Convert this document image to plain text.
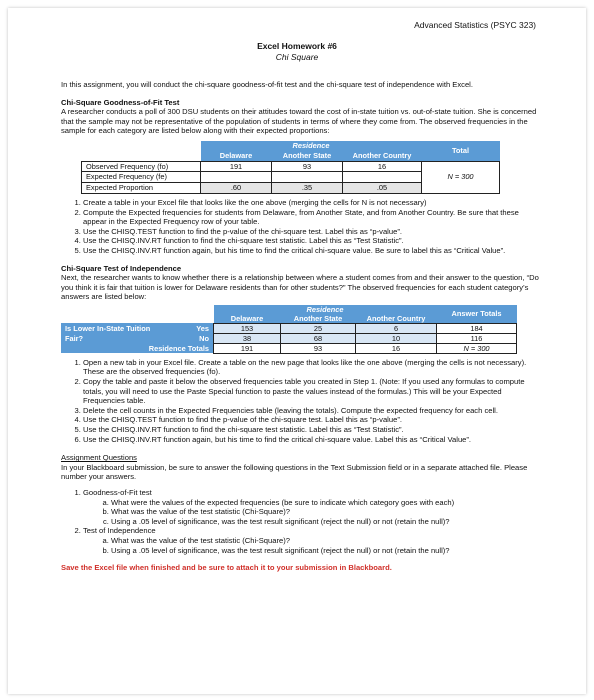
Advanced Statistics (PSYC 323)
Excel Homework #6
Chi Square

In this assignment, you will conduct the chi-square goodness-of-fit test and the chi-square test of independence with Excel.

Chi-Square Goodness-of-Fit Test

A researcher conducts a poll of 300 DSU students on their attitudes toward the cost of in-state tuition vs. out-of-state tuition. She is concerned that the sample may not be representative of the population of students in terms of where they come from. The observed frequencies in the sample for each category are listed below along with their expected proportions:

	Residence			Total
	Delaware	Another State	Another Country	
Observed Frequency (fo)	191	93	16	N = 300
Expected Frequency (fe)				
Expected Proportion	.60	.35	.05	
1. Create a table in your Excel file that looks like the one above (merging the cells for N is not necessary)
2. Compute the Expected frequencies for students from Delaware, from Another State, and from Another Country. Be sure that these appear in the Expected Frequency row of your table.
3. Use the CHISQ.TEST function to find the p-value of the chi-square test. Label this as “p-value”.
4. Use the CHISQ.INV.RT function to find the chi-square test statistic. Label this as “Test Statistic”.
5. Use the CHISQ.INV.RT function again, but his time to find the critical chi-square value. Be sure to label this as “Critical Value”.
Chi-Square Test of Independence

Next, the researcher wants to know whether there is a relationship between where a student comes from and their answer to the question, “Do you think it is fair that tuition is lower for Delaware residents than for other students?” The observed frequencies for each student category’s answers are listed below:

		Residence			Answer Totals
		Delaware	Another State	Another Country	
Is Lower In-State Tuition	Yes	153	25	6	184
Fair?	No	38	68	10	116
Residence Totals		191	93	16	N = 300
1. Open a new tab in your Excel file. Create a table on the new page that looks like the one above (merging the cells is not necessary). These are the observed frequencies (fo).
2. Copy the table and paste it below the observed frequencies table you created in Step 1. (Note: If you used any formulas to compute totals, you will need to use the Paste Special function to paste the values instead of the formulas.) This will be your Expected Frequencies table.
3. Delete the cell counts in the Expected Frequencies table (leaving the totals). Compute the expected frequency for each cell.
4. Use the CHISQ.TEST function to find the p-value of the chi-square test. Label this as “p-value”.
5. Use the CHISQ.INV.RT function to find the chi-square test statistic. Label this as “Test Statistic”.
6. Use the CHISQ.INV.RT function again, but his time to find the critical chi-square value. Label this as “Critical Value”.
Assignment Questions

In your Blackboard submission, be sure to answer the following questions in the Text Submission field or in a separate attached file. Please number your answers.

1. Goodness-of-Fit test
a. What were the values of the expected frequencies (be sure to indicate which category goes with each)
b. What was the value of the test statistic (Chi-Square)?
c. Using a .05 level of significance, was the test result significant (reject the null) or not (retain the null)?
2. Test of Independence
a. What was the value of the test statistic (Chi-Square)?
b. Using a .05 level of significance, was the test result significant (reject the null) or not (retain the null)?
Save the Excel file when finished and be sure to attach it to your submission in Blackboard.
